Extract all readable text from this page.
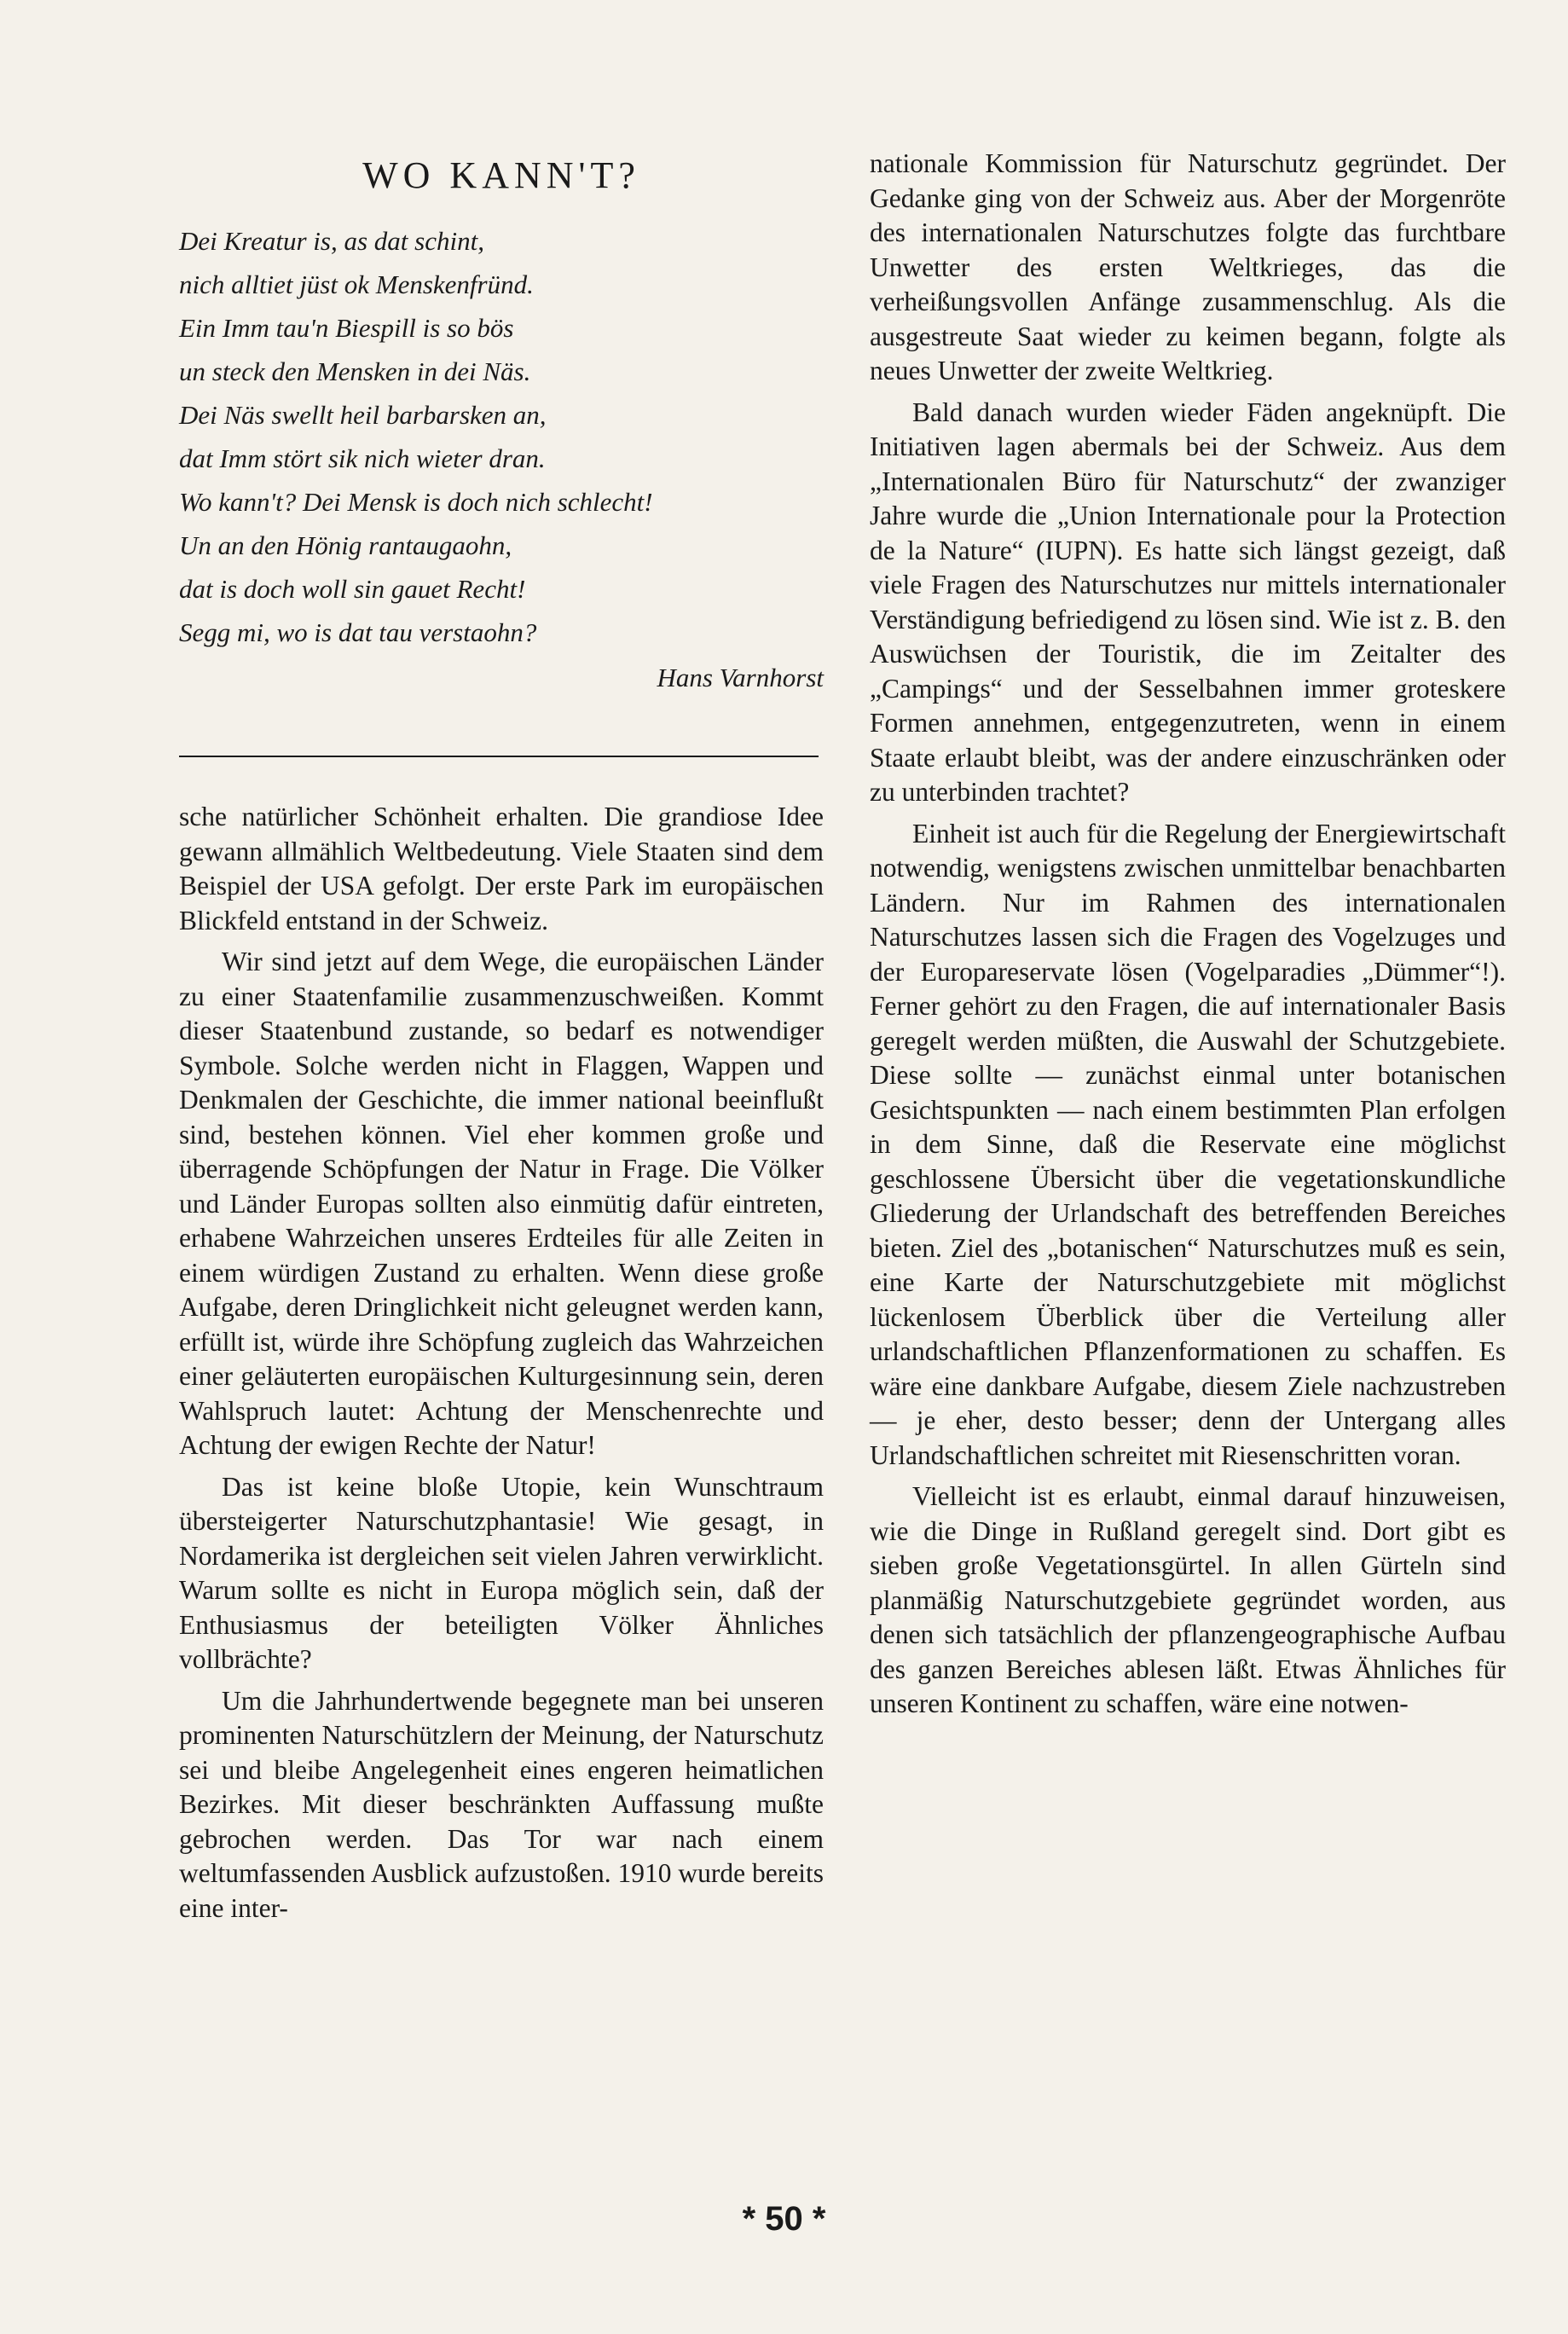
WO KANN'T?
Dei Kreatur is, as dat schint,
nich alltiet jüst ok Menskenfründ.
Ein Imm tau'n Biespill is so bös
un steck den Mensken in dei Näs.
Dei Näs swellt heil barbarsken an,
dat Imm stört sik nich wieter dran.
Wo kann't? Dei Mensk is doch nich schlecht!
Un an den Hönig rantaugaohn,
dat is doch woll sin gauet Recht!
Segg mi, wo is dat tau verstaohn?
Hans Varnhorst

sche natürlicher Schönheit erhalten. Die grandiose Idee gewann allmählich Weltbedeutung. Viele Staaten sind dem Beispiel der USA gefolgt. Der erste Park im europäischen Blickfeld entstand in der Schweiz.

Wir sind jetzt auf dem Wege, die europäischen Länder zu einer Staatenfamilie zusammenzuschweißen. Kommt dieser Staatenbund zustande, so bedarf es notwendiger Symbole. Solche werden nicht in Flaggen, Wappen und Denkmalen der Geschichte, die immer national beeinflußt sind, bestehen können. Viel eher kommen große und überragende Schöpfungen der Natur in Frage. Die Völker und Länder Europas sollten also einmütig dafür eintreten, erhabene Wahrzeichen unseres Erdteiles für alle Zeiten in einem würdigen Zustand zu erhalten. Wenn diese große Aufgabe, deren Dringlichkeit nicht geleugnet werden kann, erfüllt ist, würde ihre Schöpfung zugleich das Wahrzeichen einer geläuterten europäischen Kulturgesinnung sein, deren Wahlspruch lautet: Achtung der Menschenrechte und Achtung der ewigen Rechte der Natur!

Das ist keine bloße Utopie, kein Wunschtraum übersteigerter Naturschutzphantasie! Wie gesagt, in Nordamerika ist dergleichen seit vielen Jahren verwirklicht. Warum sollte es nicht in Europa möglich sein, daß der Enthusiasmus der beteiligten Völker Ähnliches vollbrächte?

Um die Jahrhundertwende begegnete man bei unseren prominenten Naturschützlern der Meinung, der Naturschutz sei und bleibe Angelegenheit eines engeren heimatlichen Bezirkes. Mit dieser beschränkten Auffassung mußte gebrochen werden. Das Tor war nach einem weltumfassenden Ausblick aufzustoßen. 1910 wurde bereits eine inter-

nationale Kommission für Naturschutz gegründet. Der Gedanke ging von der Schweiz aus. Aber der Morgenröte des internationalen Naturschutzes folgte das furchtbare Unwetter des ersten Weltkrieges, das die verheißungsvollen Anfänge zusammenschlug. Als die ausgestreute Saat wieder zu keimen begann, folgte als neues Unwetter der zweite Weltkrieg.

Bald danach wurden wieder Fäden angeknüpft. Die Initiativen lagen abermals bei der Schweiz. Aus dem „Internationalen Büro für Naturschutz“ der zwanziger Jahre wurde die „Union Internationale pour la Protection de la Nature“ (IUPN). Es hatte sich längst gezeigt, daß viele Fragen des Naturschutzes nur mittels internationaler Verständigung befriedigend zu lösen sind. Wie ist z. B. den Auswüchsen der Touristik, die im Zeitalter des „Campings“ und der Sesselbahnen immer groteskere Formen annehmen, entgegenzutreten, wenn in einem Staate erlaubt bleibt, was der andere einzuschränken oder zu unterbinden trachtet?

Einheit ist auch für die Regelung der Energiewirtschaft notwendig, wenigstens zwischen unmittelbar benachbarten Ländern. Nur im Rahmen des internationalen Naturschutzes lassen sich die Fragen des Vogelzuges und der Europareservate lösen (Vogelparadies „Dümmer“!). Ferner gehört zu den Fragen, die auf internationaler Basis geregelt werden müßten, die Auswahl der Schutzgebiete. Diese sollte — zunächst einmal unter botanischen Gesichtspunkten — nach einem bestimmten Plan erfolgen in dem Sinne, daß die Reservate eine möglichst geschlossene Übersicht über die vegetationskundliche Gliederung der Urlandschaft des betreffenden Bereiches bieten. Ziel des „botanischen“ Naturschutzes muß es sein, eine Karte der Naturschutzgebiete mit möglichst lückenlosem Überblick über die Verteilung aller urlandschaftlichen Pflanzenformationen zu schaffen. Es wäre eine dankbare Aufgabe, diesem Ziele nachzustreben — je eher, desto besser; denn der Untergang alles Urlandschaftlichen schreitet mit Riesenschritten voran.

Vielleicht ist es erlaubt, einmal darauf hinzuweisen, wie die Dinge in Rußland geregelt sind. Dort gibt es sieben große Vegetationsgürtel. In allen Gürteln sind planmäßig Naturschutzgebiete gegründet worden, aus denen sich tatsächlich der pflanzengeographische Aufbau des ganzen Bereiches ablesen läßt. Etwas Ähnliches für unseren Kontinent zu schaffen, wäre eine notwen-

* 50 *
